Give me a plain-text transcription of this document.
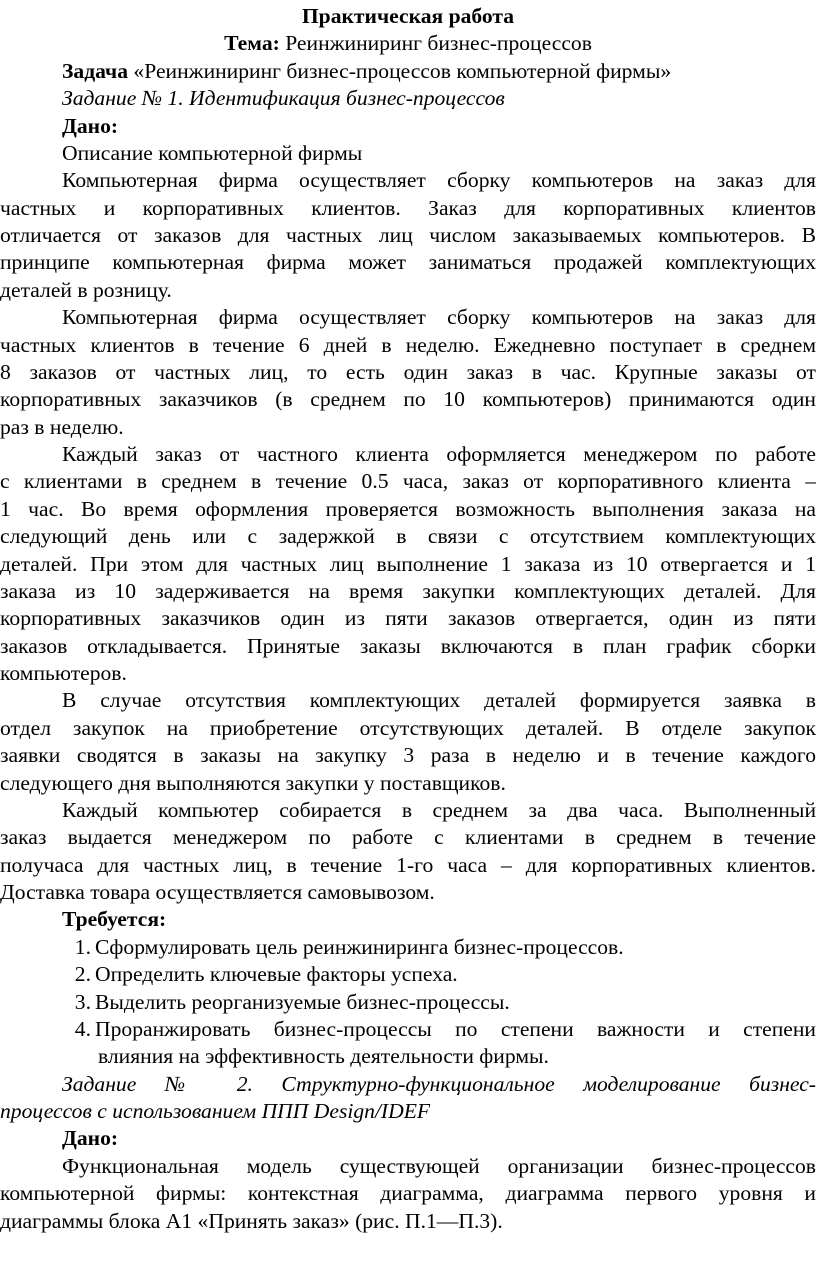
Практическая работа
Тема: Реинжиниринг бизнес-процессов
Задача «Реинжиниринг бизнес-процессов компьютерной фирмы»
Задание № 1. Идентификация бизнес-процессов
Дано:
Описание компьютерной фирмы
Компьютерная фирма осуществляет сборку компьютеров на заказ для
частных и корпоративных клиентов. Заказ для корпоративных клиентов
отличается от заказов для частных лиц числом заказываемых компьютеров. В
принципе компьютерная фирма может заниматься продажей комплектующих
деталей в розницу.
Компьютерная фирма осуществляет сборку компьютеров на заказ для
частных клиентов в течение 6 дней в неделю. Ежедневно поступает в среднем
8 заказов от частных лиц, то есть один заказ в час. Крупные заказы от
корпоративных заказчиков (в среднем по 10 компьютеров) принимаются один
раз в неделю.
Каждый заказ от частного клиента оформляется менеджером по работе
с клиентами в среднем в течение 0.5 часа, заказ от корпоративного клиента –
1 час. Во время оформления проверяется возможность выполнения заказа на
следующий день или с задержкой в связи с отсутствием комплектующих
деталей. При этом для частных лиц выполнение 1 заказа из 10 отвергается и 1
заказа из 10 задерживается на время закупки комплектующих деталей. Для
корпоративных заказчиков один из пяти заказов отвергается, один из пяти
заказов откладывается. Принятые заказы включаются в план график сборки
компьютеров.
В случае отсутствия комплектующих деталей формируется заявка в
отдел закупок на приобретение отсутствующих деталей. В отделе закупок
заявки сводятся в заказы на закупку 3 раза в неделю и в течение каждого
следующего дня выполняются закупки у поставщиков.
Каждый компьютер собирается в среднем за два часа. Выполненный
заказ выдается менеджером по работе с клиентами в среднем в течение
получаса для частных лиц, в течение 1-го часа – для корпоративных клиентов.
Доставка товара осуществляется самовывозом.
Требуется:
1. Сформулировать цель реинжиниринга бизнес-процессов.
2. Определить ключевые факторы успеха.
3. Выделить реорганизуемые бизнес-процессы.
4. Проранжировать бизнес-процессы по степени важности и степени
влияния на эффективность деятельности фирмы.
Задание № 2. Структурно-функциональное моделирование бизнес-
процессов с использованием ППП Design/IDEF
Дано:
Функциональная модель существующей организации бизнес-процессов
компьютерной фирмы: контекстная диаграмма, диаграмма первого уровня и
диаграммы блока А1 «Принять заказ» (рис. П.1—П.3).
